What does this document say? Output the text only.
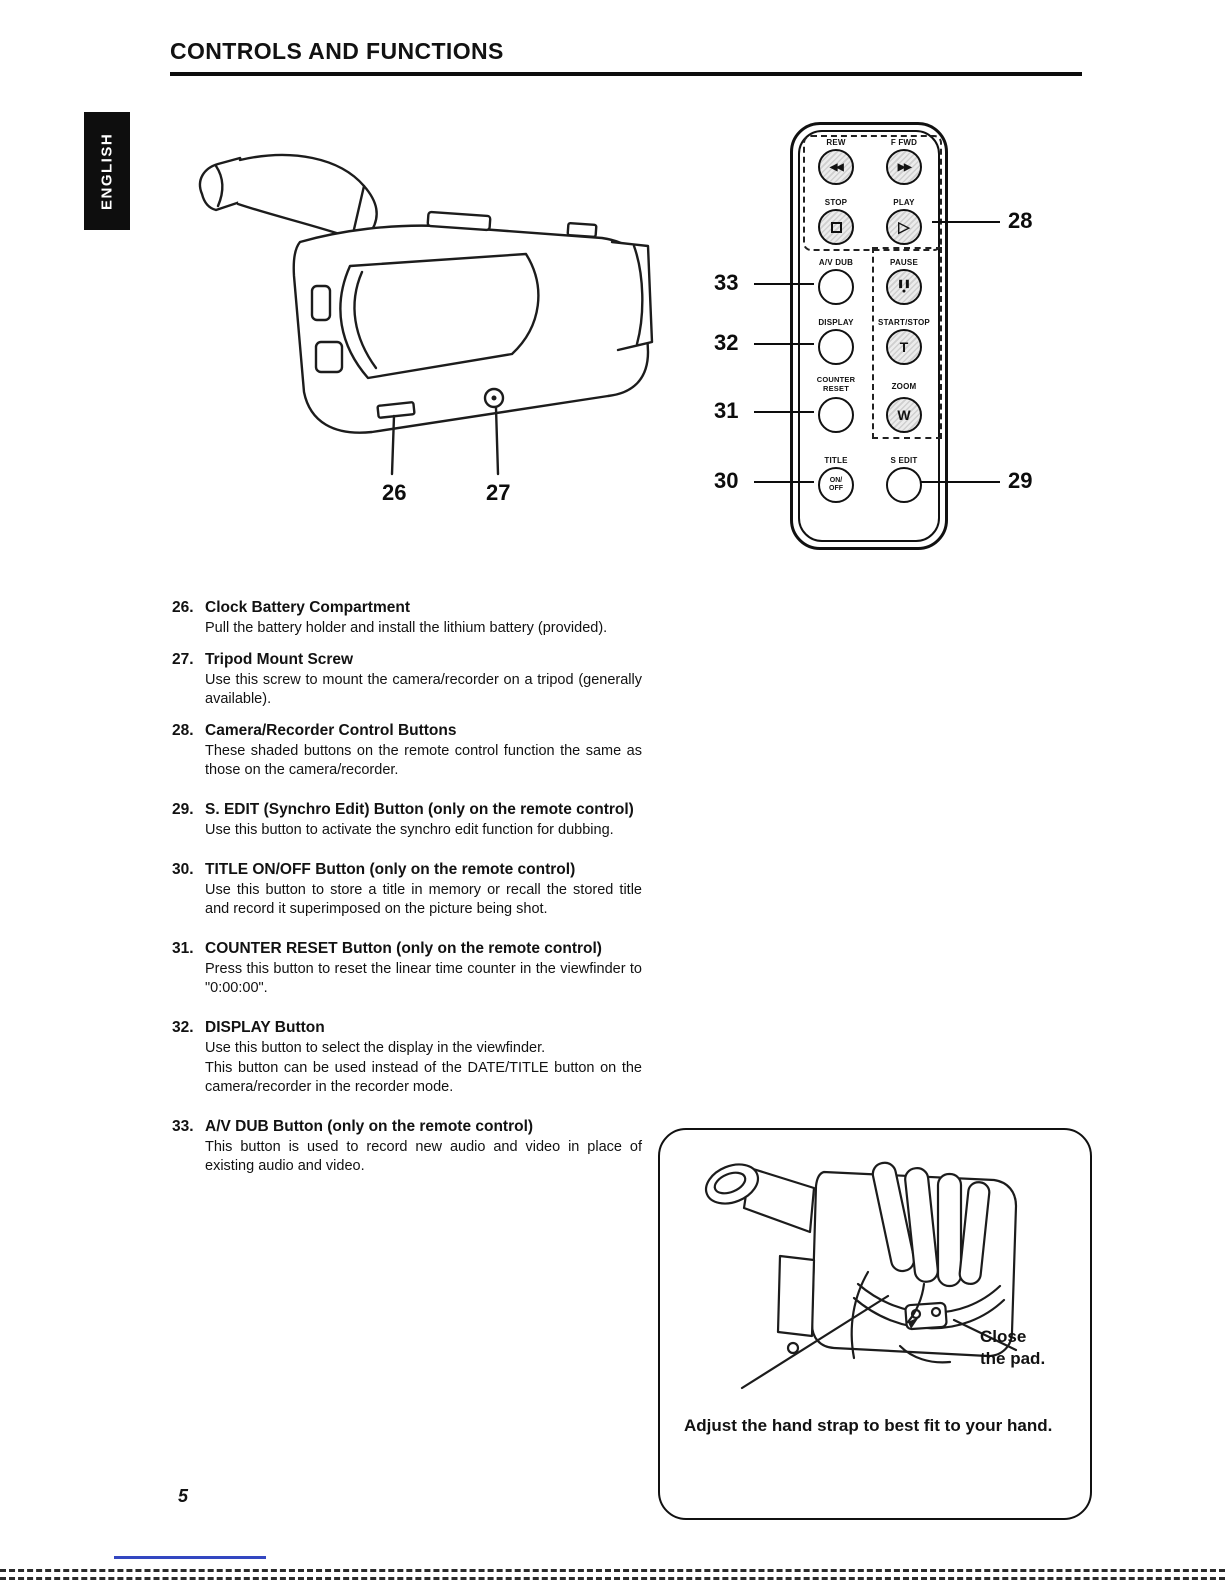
CONTROLS AND FUNCTIONS
ENGLISH
26	27
REW	F FWD
◀◀	▶▶
STOP	PLAY
▷
A/V DUB	PAUSE
❚❚
●
DISPLAY	START/STOP
T
COUNTER
RESET	ZOOM
W
TITLE	S EDIT
ON/
OFF
28
33
32
31
30	29
26. Clock Battery Compartment
Pull the battery holder and install the lithium battery (provided).
27. Tripod Mount Screw
Use this screw to mount the camera/recorder on a tripod (generally available).
28. Camera/Recorder Control Buttons
These shaded buttons on the remote control function the same as those on the camera/recorder.
29. S. EDIT (Synchro Edit) Button (only on the remote control)
Use this button to activate the synchro edit function for dubbing.
30. TITLE ON/OFF Button (only on the remote control)
Use this button to store a title in memory or recall the stored title and record it superimposed on the picture being shot.
31. COUNTER RESET Button (only on the remote control)
Press this button to reset the linear time counter in the viewfinder to "0:00:00".
32. DISPLAY Button
Use this button to select the display in the viewfinder.
This button can be used instead of the DATE/TITLE button on the camera/recorder in the recorder mode.
33. A/V DUB Button (only on the remote control)
This button is used to record new audio and video in place of existing audio and video.
Close
the pad.
Adjust the hand strap to best fit to your hand.
5
